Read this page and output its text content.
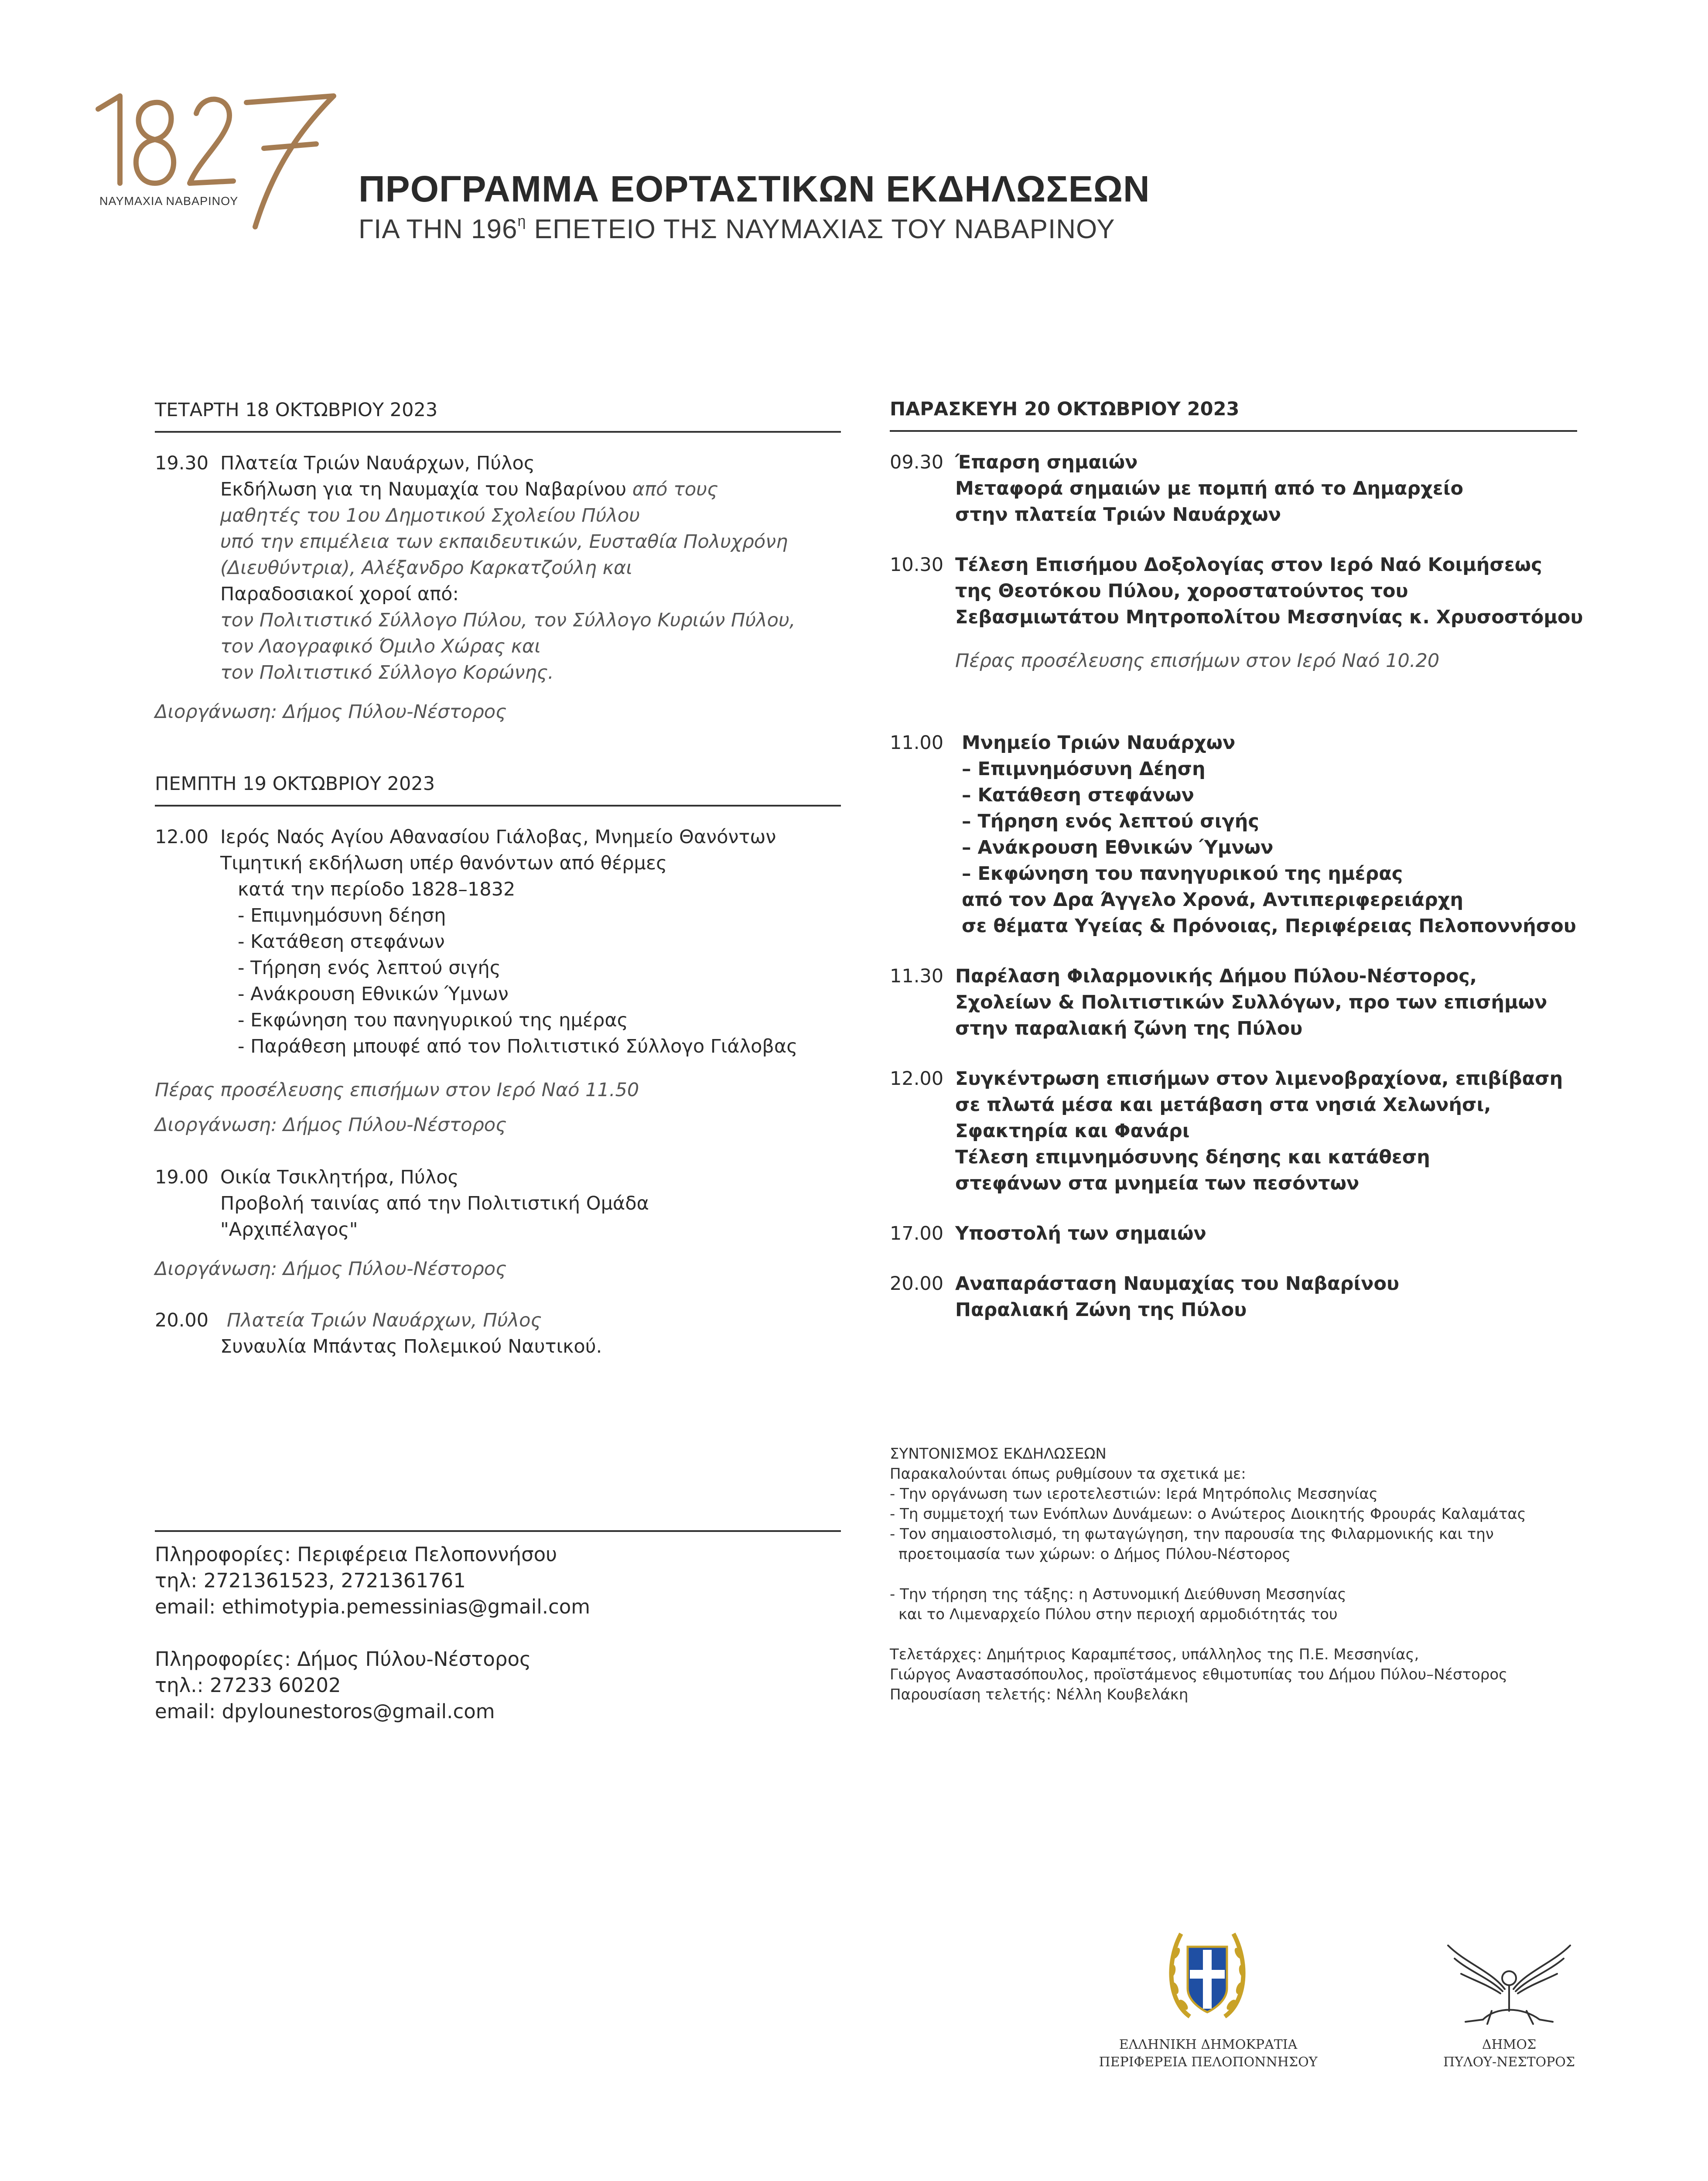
ΝΑΥΜΑΧΙΑ ΝΑΒΑΡΙΝΟΥ	ΠΡΟΓΡΑΜΜΑ ΕΟΡΤΑΣΤΙΚΩΝ ΕΚΔΗΛΩΣΕΩΝ
ΓΙΑ ΤΗΝ $196^\eta$ ΕΠΕΤΕΙΟ ΤΗΣ ΝΑΥΜΑΧΙΑΣ ΤΟΥ ΝΑΒΑΡΙΝΟΥ
ΤΕΤΑΡΤΗ 18 ΟΚΤΩΒΡΙΟΥ 2023
19.30 Πλατεία Τριών Ναυάρχων, Πύλος
Εκδήλωση για τη Ναυμαχία του Ναβαρίνου από τους
μαθητές του 1ου Δημοτικού Σχολείου Πύλου
υπό την επιμέλεια των εκπαιδευτικών, Ευσταθία Πολυχρόνη
(Διευθύντρια), Αλέξανδρο Καρκατζούλη και
Παραδοσιακοί χοροί από:
τον Πολιτιστικό Σύλλογο Πύλου, τον Σύλλογο Κυριών Πύλου,
τον Λαογραφικό Όμιλο Χώρας και
τον Πολιτιστικό Σύλλογο Κορώνης.
Διοργάνωση: Δήμος Πύλου-Νέστορος
ΠΕΜΠΤΗ 19 ΟΚΤΩΒΡΙΟΥ 2023
12.00 Ιερός Ναός Αγίου Αθανασίου Γιάλοβας, Μνημείο Θανόντων
Τιμητική εκδήλωση υπέρ θανόντων από θέρμες
κατά την περίοδο 1828–1832
- Επιμνημόσυνη δέηση
- Κατάθεση στεφάνων
- Τήρηση ενός λεπτού σιγής
- Ανάκρουση Εθνικών Ύμνων
- Εκφώνηση του πανηγυρικού της ημέρας
- Παράθεση μπουφέ από τον Πολιτιστικό Σύλλογο Γιάλοβας
Πέρας προσέλευσης επισήμων στον Ιερό Ναό 11.50
Διοργάνωση: Δήμος Πύλου-Νέστορος
19.00 Οικία Τσικλητήρα, Πύλος
Προβολή ταινίας από την Πολιτιστική Ομάδα
"Αρχιπέλαγος"
Διοργάνωση: Δήμος Πύλου-Νέστορος
20.00 Πλατεία Τριών Ναυάρχων, Πύλος
Συναυλία Μπάντας Πολεμικού Ναυτικού.
ΠΑΡΑΣΚΕΥΗ 20 ΟΚΤΩΒΡΙΟΥ 2023
09.30 Έπαρση σημαιών
Μεταφορά σημαιών με πομπή από το Δημαρχείο
στην πλατεία Τριών Ναυάρχων
10.30 Τέλεση Επισήμου Δοξολογίας στον Ιερό Ναό Κοιμήσεως
της Θεοτόκου Πύλου, χοροστατούντος του
Σεβασμιωτάτου Μητροπολίτου Μεσσηνίας κ. Χρυσοστόμου
Πέρας προσέλευσης επισήμων στον Ιερό Ναό 10.20
11.00 Μνημείο Τριών Ναυάρχων
– Επιμνημόσυνη Δέηση
– Κατάθεση στεφάνων
– Τήρηση ενός λεπτού σιγής
– Ανάκρουση Εθνικών Ύμνων
– Εκφώνηση του πανηγυρικού της ημέρας
από τον Δρα Άγγελο Χρονά, Αντιπεριφερειάρχη
σε θέματα Υγείας & Πρόνοιας, Περιφέρειας Πελοποννήσου
11.30 Παρέλαση Φιλαρμονικής Δήμου Πύλου-Νέστορος,
Σχολείων & Πολιτιστικών Συλλόγων, προ των επισήμων
στην παραλιακή ζώνη της Πύλου
12.00 Συγκέντρωση επισήμων στον λιμενοβραχίονα, επιβίβαση
σε πλωτά μέσα και μετάβαση στα νησιά Χελωνήσι,
Σφακτηρία και Φανάρι
Τέλεση επιμνημόσυνης δέησης και κατάθεση
στεφάνων στα μνημεία των πεσόντων
17.00 Υποστολή των σημαιών
20.00 Αναπαράσταση Ναυμαχίας του Ναβαρίνου
Παραλιακή Ζώνη της Πύλου
ΣΥΝΤΟΝΙΣΜΟΣ ΕΚΔΗΛΩΣΕΩΝ
Παρακαλούνται όπως ρυθμίσουν τα σχετικά με:
- Την οργάνωση των ιεροτελεστιών: Ιερά Μητρόπολις Μεσσηνίας
- Τη συμμετοχή των Ενόπλων Δυνάμεων: ο Ανώτερος Διοικητής Φρουράς Καλαμάτας
- Τον σημαιοστολισμό, τη φωταγώγηση, την παρουσία της Φιλαρμονικής και την
προετοιμασία των χώρων: ο Δήμος Πύλου-Νέστορος
- Την τήρηση της τάξης: η Αστυνομική Διεύθυνση Μεσσηνίας
και το Λιμεναρχείο Πύλου στην περιοχή αρμοδιότητάς του
Τελετάρχες: Δημήτριος Καραμπέτσος, υπάλληλος της Π.Ε. Μεσσηνίας,
Γιώργος Αναστασόπουλος, προϊστάμενος εθιμοτυπίας του Δήμου Πύλου–Νέστορος
Παρουσίαση τελετής: Νέλλη Κουβελάκη
Πληροφορίες: Περιφέρεια Πελοποννήσου
τηλ: 2721361523, 2721361761
email: ethimotypia.pemessinias@gmail.com
Πληροφορίες: Δήμος Πύλου-Νέστορος
τηλ.: 27233 60202
email: dpylounestoros@gmail.com
ΕΛΛΗΝΙΚΗ ΔΗΜΟΚΡΑΤΙΑ
ΠΕΡΙΦΕΡΕΙΑ ΠΕΛΟΠΟΝΝΗΣΟΥ
ΔΗΜΟΣ
ΠΥΛΟΥ-ΝΕΣΤΟΡΟΣ
